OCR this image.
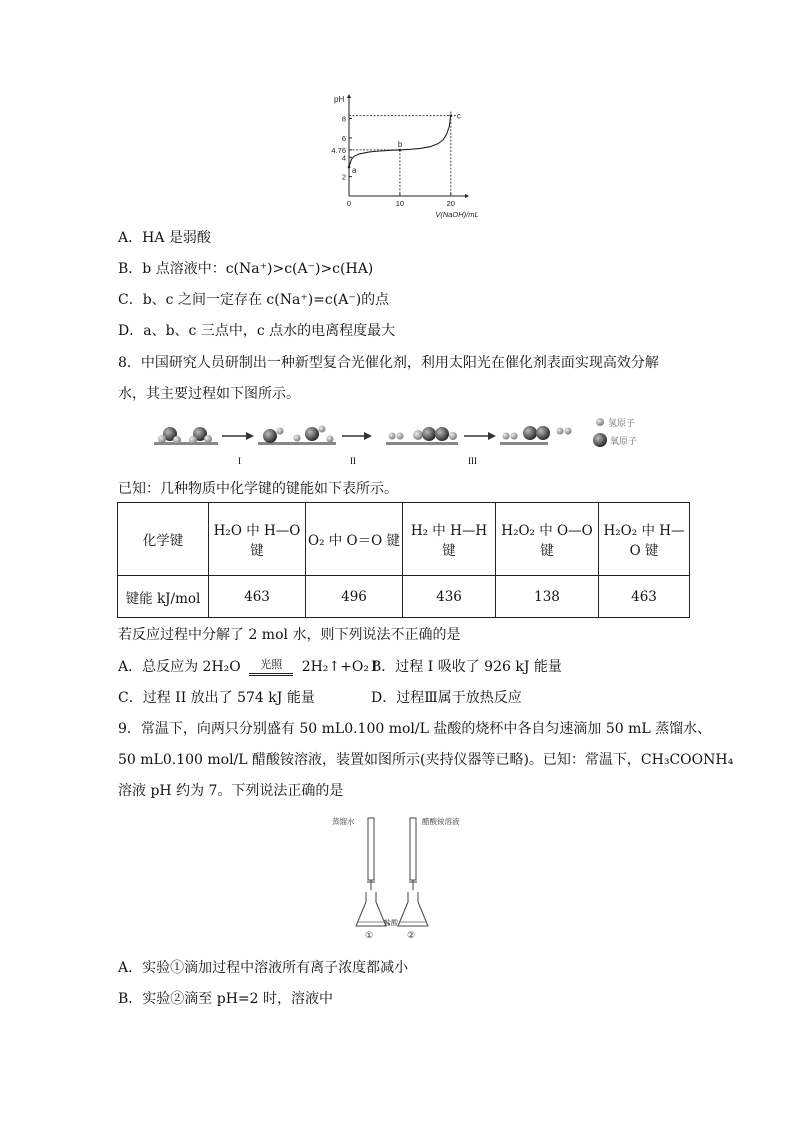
2
4
4.76
6
8
0	10	20
pH
V(NaOH)/mL
a
b
c
A．HA 是弱酸
B．b 点溶液中：c(Na⁺)>c(A⁻)>c(HA)
C．b、c 之间一定存在 c(Na⁺)=c(A⁻)的点
D．a、b、c 三点中，c 点水的电离程度最大
8．中国研究人员研制出一种新型复合光催化剂，利用太阳光在催化剂表面实现高效分解
水，其主要过程如下图所示。
I	II	III
氢原子
氧原子
已知：几种物质中化学键的键能如下表所示。
化学键	H₂O 中 H—O 键	O₂ 中 O＝O 键	H₂ 中 H—H 键	H₂O₂ 中 O—O 键	H₂O₂ 中 H—O 键
键能 kJ/mol	463	496	436	138	463
若反应过程中分解了 2 mol 水，则下列说法不正确的是
A．总反应为 2H₂O $^{光照}$ 2H₂↑+O₂↑
B．过程 I 吸收了 926 kJ 能量
C．过程 II 放出了 574 kJ 能量	D．过程Ⅲ属于放热反应
9．常温下，向两只分别盛有 50 mL0.100 mol/L 盐酸的烧杯中各自匀速滴加 50 mL 蒸馏水、
50 mL0.100 mol/L 醋酸铵溶液，装置如图所示(夹持仪器等已略)。已知：常温下，CH₃COONH₄
溶液 pH 约为 7。下列说法正确的是
蒸馏水	醋酸铵溶液
盐酸
①	②
A．实验①滴加过程中溶液所有离子浓度都减小
B．实验②滴至 pH=2 时，溶液中
